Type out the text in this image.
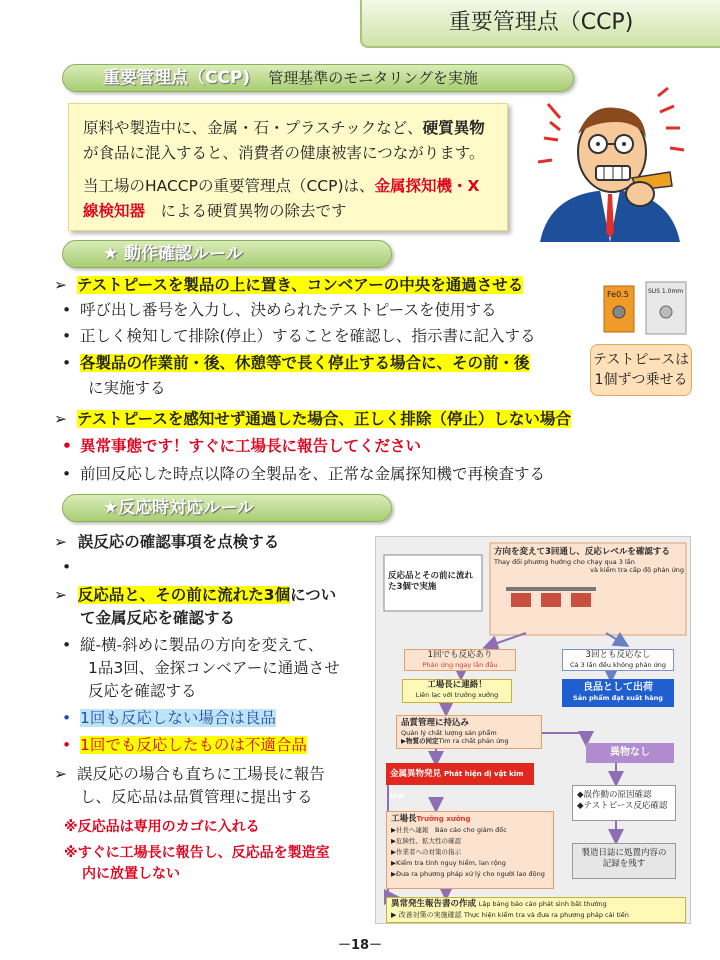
重要管理点（CCP)
重要管理点（CCP) 管理基準のモニタリングを実施

原料や製造中に、金属・石・プラスチックなど、硬質異物が食品に混入すると、消費者の健康被害につながります。

当工場のHACCPの重要管理点（CCP)は、金属探知機・X線検知器　による硬質異物の除去です

★ 動作確認ルール
➢ テストピースを製品の上に置き、コンベアーの中央を通過させる
• 呼び出し番号を入力し、決められたテストピースを使用する
• 正しく検知して排除(停止）することを確認し、指示書に記入する
• 各製品の作業前・後、休憩等で長く停止する場合に、その前・後
に実施する
➢ テストピースを感知せず通過した場合、正しく排除（停止）しない場合
• 異常事態です！すぐに工場長に報告してください
• 前回反応した時点以降の全製品を、正常な金属探知機で再検査する
Fe0.5	SUS 1.0mm
テストピースは
1個ずつ乗せる
★反応時対応ルール
➢ 誤反応の確認事項を点検する
•
➢ 反応品と、その前に流れた3個につい
て金属反応を確認する
• 縦-横-斜めに製品の方向を変えて、
1品3回、金探コンベアーに通過させ
反応を確認する
• 1回も反応しない場合は良品
• 1回でも反応したものは不適合品
➢ 誤反応の場合も直ちに工場長に報告
し、反応品は品質管理に提出する
※反応品は専用のカゴに入れる
※すぐに工場長に報告し、反応品を製造室
内に放置しない
反応品とその前に流れた3個で実施
方向を変えて3回通し、反応レベルを確認する
Thay đổi phương hướng cho chạy qua 3 lần
và kiểm tra cấp độ phản ứng
1回でも反応あり
Phản ứng ngay lần đầu
3回とも反応なし
Cả 3 lần đều không phản ứng
工場長に連絡！
Liên lạc với trưởng xưởng
良品として出荷
Sản phẩm đạt xuất hàng
品質管理に持込み
Quản lý chất lượng sản phẩm
▶物質の同定Tìm ra chất phản ứng
異物なし
金属異物発見 Phát hiện dị vật kim loại	◆誤作動の原因確認
◆テストピース反応確認
工場長Trưởng xưởng
▶社長へ連報　Báo cáo cho giám đốc
▶危険性、拡大性の確認
▶作業者への対策の指示
▶Kiểm tra tính nguy hiểm, lan rộng
▶Đưa ra phương pháp xử lý cho người lao động
製造日誌に処置内容の記録を残す
異常発生報告書の作成 Lập bảng báo cáo phát sinh bất thường
▶ 改善対策の実施確認 Thực hiện kiểm tra và đưa ra phương pháp cải tiến
－18－
